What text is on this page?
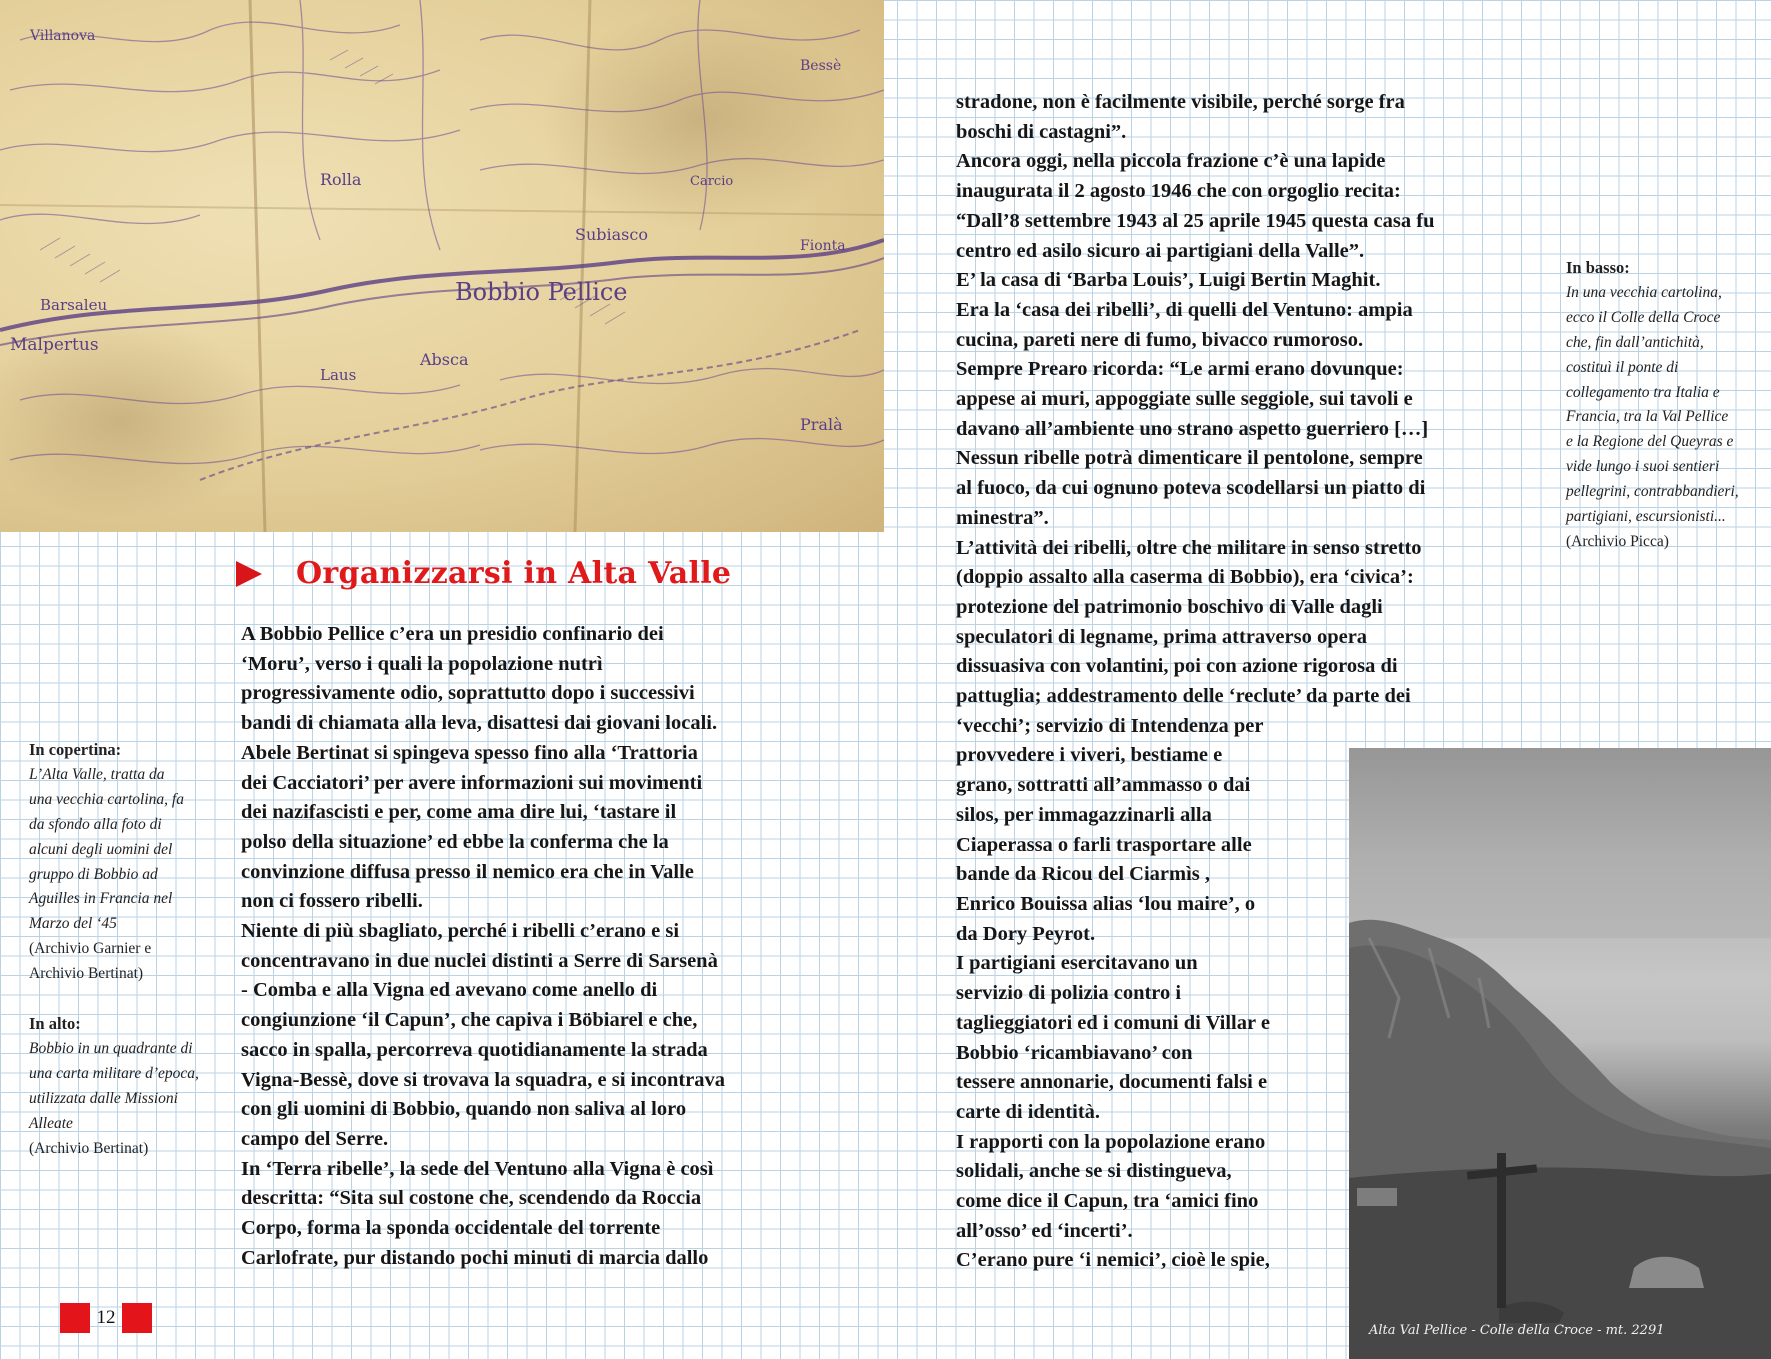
Bobbio Pellice
Villanova
Subiasco
Bessè
Pralà
Rolla
Malpertus
Barsaleu
Laus
Absca
Fionta
Carcio
Organizzarsi in Alta Valle

A Bobbio Pellice c’era un presidio confinario dei

‘Moru’, verso i quali la popolazione nutrì

progressivamente odio, soprattutto dopo i successivi

bandi di chiamata alla leva, disattesi dai giovani locali.

Abele Bertinat si spingeva spesso fino alla ‘Trattoria

dei Cacciatori’ per avere informazioni sui movimenti

dei nazifascisti e per, come ama dire lui, ‘tastare il

polso della situazione’ ed ebbe la conferma che la

convinzione diffusa presso il nemico era che in Valle

non ci fossero ribelli.

Niente di più sbagliato, perché i ribelli c’erano e si

concentravano in due nuclei distinti a Serre di Sarsenà

- Comba e alla Vigna ed avevano come anello di

congiunzione ‘il Capun’, che capiva i Böbiarel e che,

sacco in spalla, percorreva quotidianamente la strada

Vigna-Bessè, dove si trovava la squadra, e si incontrava

con gli uomini di Bobbio, quando non saliva al loro

campo del Serre.

In ‘Terra ribelle’, la sede del Ventuno alla Vigna è così

descritta: “Sita sul costone che, scendendo da Roccia

Corpo, forma la sponda occidentale del torrente

Carlofrate, pur distando pochi minuti di marcia dallo

stradone, non è facilmente visibile, perché sorge fra

boschi di castagni”.

Ancora oggi, nella piccola frazione c’è una lapide

inaugurata il 2 agosto 1946 che con orgoglio recita:

“Dall’8 settembre 1943 al 25 aprile 1945 questa casa fu

centro ed asilo sicuro ai partigiani della Valle”.

E’ la casa di ‘Barba Louis’, Luigi Bertin Maghit.

Era la ‘casa dei ribelli’, di quelli del Ventuno: ampia

cucina, pareti nere di fumo, bivacco rumoroso.

Sempre Prearo ricorda: “Le armi erano dovunque:

appese ai muri, appoggiate sulle seggiole, sui tavoli e

davano all’ambiente uno strano aspetto guerriero […]

Nessun ribelle potrà dimenticare il pentolone, sempre

al fuoco, da cui ognuno poteva scodellarsi un piatto di

minestra”.

L’attività dei ribelli, oltre che militare in senso stretto

(doppio assalto alla caserma di Bobbio), era ‘civica’:

protezione del patrimonio boschivo di Valle dagli

speculatori di legname, prima attraverso opera

dissuasiva con volantini, poi con azione rigorosa di

pattuglia; addestramento delle ‘reclute’ da parte dei

‘vecchi’; servizio di Intendenza per

provvedere i viveri, bestiame e

grano, sottratti all’ammasso o dai

silos, per immagazzinarli alla

Ciaperassa o farli trasportare alle

bande da Ricou del Ciarmìs ,

Enrico Bouissa alias ‘lou maire’, o

da Dory Peyrot.

I partigiani esercitavano un

servizio di polizia contro i

taglieggiatori ed i comuni di Villar e

Bobbio ‘ricambiavano’ con

tessere annonarie, documenti falsi e

carte di identità.

I rapporti con la popolazione erano

solidali, anche se si distingueva,

come dice il Capun, tra ‘amici fino

all’osso’ ed ‘incerti’.

C’erano pure ‘i nemici’, cioè le spie,

In copertina:

L’Alta Valle, tratta da

una vecchia cartolina, fa

da sfondo alla foto di

alcuni degli uomini del

gruppo di Bobbio ad

Aguilles in Francia nel

Marzo del ‘45

(Archivio Garnier e

Archivio Bertinat)

In alto:

Bobbio in un quadrante di

una carta militare d’epoca,

utilizzata dalle Missioni

Alleate

(Archivio Bertinat)

In basso:

In una vecchia cartolina,

ecco il Colle della Croce

che, fin dall’antichità,

costituì il ponte di

collegamento tra Italia e

Francia, tra la Val Pellice

e la Regione del Queyras e

vide lungo i suoi sentieri

pellegrini, contrabbandieri,

partigiani, escursionisti...

(Archivio Picca)

Alta Val Pellice - Colle della Croce - mt. 2291
12
